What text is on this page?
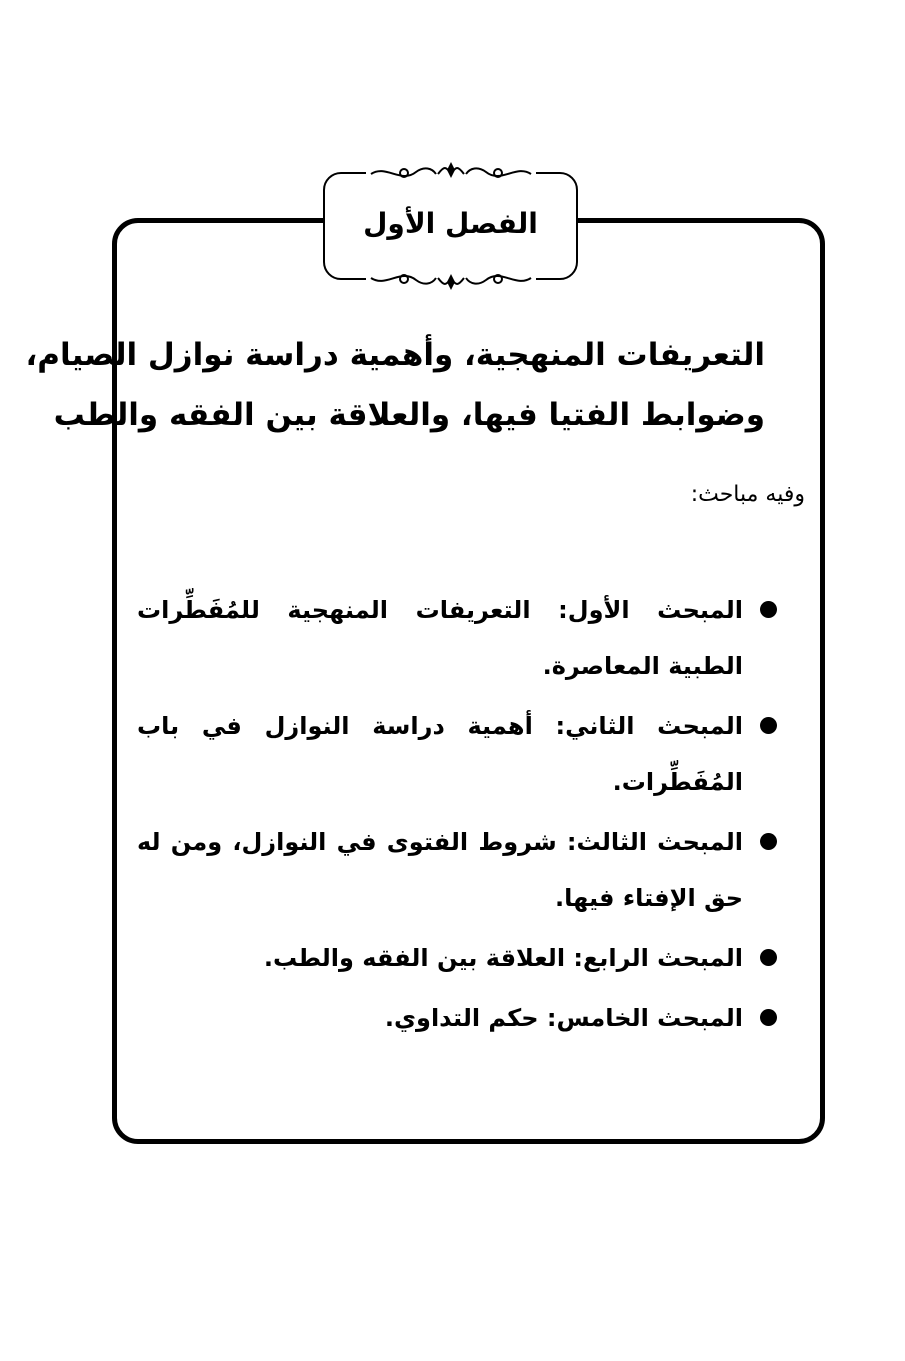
الفصل الأول
التعريفات المنهجية، وأهمية دراسة نوازل الصيام،
وضوابط الفتيا فيها، والعلاقة بين الفقه والطب
وفيه مباحث:
المبحث الأول: التعريفات المنهجية للمُفَطِّرات الطبية المعاصرة.
المبحث الثاني: أهمية دراسة النوازل في باب المُفَطِّرات.
المبحث الثالث: شروط الفتوى في النوازل، ومن له حق الإفتاء فيها.
المبحث الرابع: العلاقة بين الفقه والطب.
المبحث الخامس: حكم التداوي.
